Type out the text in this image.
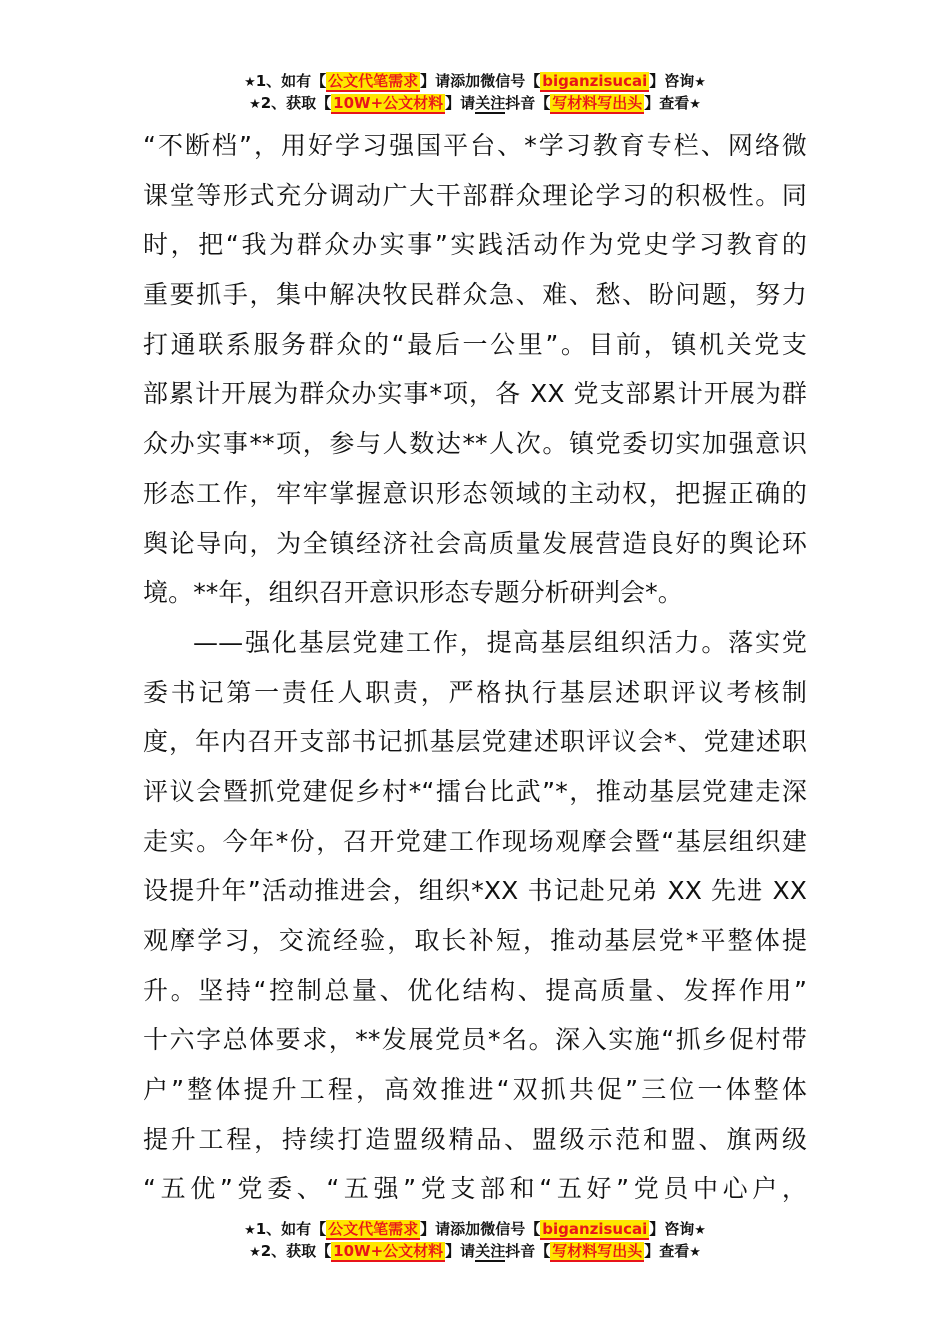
★1、如有【 公文代笔需求 】请添加微信号【 biganzisucai 】咨询★
★2、获取【 10W+公文材料 】请关注抖音【 写材料写出头 】查看★
“不断档”，用好学习强国平台、*学习教育专栏、网络微
课堂等形式充分调动广大干部群众理论学习的积极性。同
时，把“我为群众办实事”实践活动作为党史学习教育的
重要抓手，集中解决牧民群众急、难、愁、盼问题，努力
打通联系服务群众的“最后一公里”。目前，镇机关党支
部累计开展为群众办实事*项，各 XX 党支部累计开展为群
众办实事**项，参与人数达**人次。镇党委切实加强意识
形态工作，牢牢掌握意识形态领域的主动权，把握正确的
舆论导向，为全镇经济社会高质量发展营造良好的舆论环
境。**年，组织召开意识形态专题分析研判会*。
——强化基层党建工作，提高基层组织活力。落实党
委书记第一责任人职责，严格执行基层述职评议考核制
度，年内召开支部书记抓基层党建述职评议会*、党建述职
评议会暨抓党建促乡村*“擂台比武”*，推动基层党建走深
走实。今年*份，召开党建工作现场观摩会暨“基层组织建
设提升年”活动推进会，组织*XX 书记赴兄弟 XX 先进 XX
观摩学习，交流经验，取长补短，推动基层党*平整体提
升。坚持“控制总量、优化结构、提高质量、发挥作用”
十六字总体要求，**发展党员*名。深入实施“抓乡促村带
户”整体提升工程，高效推进“双抓共促”三位一体整体
提升工程，持续打造盟级精品、盟级示范和盟、旗两级
“五优”党委、“五强”党支部和“五好”党员中心户，
★1、如有【 公文代笔需求 】请添加微信号【 biganzisucai 】咨询★
★2、获取【 10W+公文材料 】请关注抖音【 写材料写出头 】查看★
